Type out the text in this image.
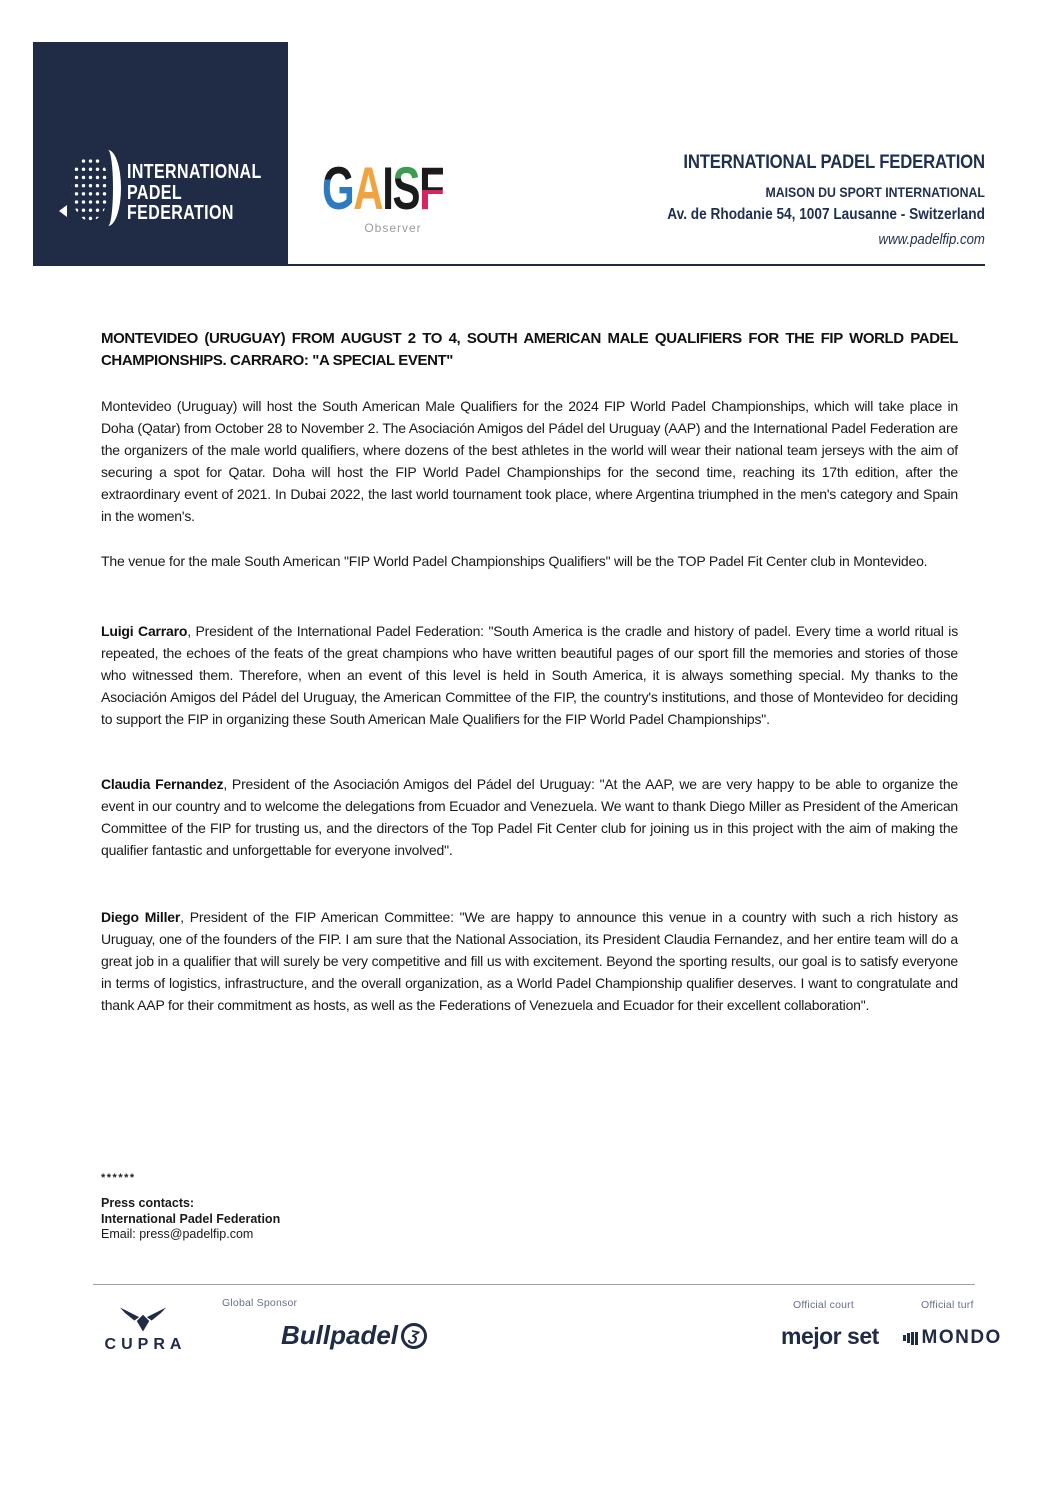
INTERNATIONAL
PADEL
FEDERATION	G A I S F
Observer
INTERNATIONAL PADEL FEDERATION
MAISON DU SPORT INTERNATIONAL
Av. de Rhodanie 54, 1007 Lausanne - Switzerland
www.padelfip.com
MONTEVIDEO (URUGUAY) FROM AUGUST 2 TO 4, SOUTH AMERICAN MALE QUALIFIERS FOR THE FIP WORLD PADEL CHAMPIONSHIPS. CARRARO: "A SPECIAL EVENT"

Montevideo (Uruguay) will host the South American Male Qualifiers for the 2024 FIP World Padel Championships, which will take place in Doha (Qatar) from October 28 to November 2. The Asociación Amigos del Pádel del Uruguay (AAP) and the International Padel Federation are the organizers of the male world qualifiers, where dozens of the best athletes in the world will wear their national team jerseys with the aim of securing a spot for Qatar. Doha will host the FIP World Padel Championships for the second time, reaching its 17th edition, after the extraordinary event of 2021. In Dubai 2022, the last world tournament took place, where Argentina triumphed in the men's category and Spain in the women's.

The venue for the male South American "FIP World Padel Championships Qualifiers" will be the TOP Padel Fit Center club in Montevideo.

Luigi Carraro, President of the International Padel Federation: "South America is the cradle and history of padel. Every time a world ritual is repeated, the echoes of the feats of the great champions who have written beautiful pages of our sport fill the memories and stories of those who witnessed them. Therefore, when an event of this level is held in South America, it is always something special. My thanks to the Asociación Amigos del Pádel del Uruguay, the American Committee of the FIP, the country's institutions, and those of Montevideo for deciding to support the FIP in organizing these South American Male Qualifiers for the FIP World Padel Championships".

Claudia Fernandez, President of the Asociación Amigos del Pádel del Uruguay: "At the AAP, we are very happy to be able to organize the event in our country and to welcome the delegations from Ecuador and Venezuela. We want to thank Diego Miller as President of the American Committee of the FIP for trusting us, and the directors of the Top Padel Fit Center club for joining us in this project with the aim of making the qualifier fantastic and unforgettable for everyone involved".

Diego Miller, President of the FIP American Committee: "We are happy to announce this venue in a country with such a rich history as Uruguay, one of the founders of the FIP. I am sure that the National Association, its President Claudia Fernandez, and her entire team will do a great job in a qualifier that will surely be very competitive and fill us with excitement. Beyond the sporting results, our goal is to satisfy everyone in terms of logistics, infrastructure, and the overall organization, as a World Padel Championship qualifier deserves. I want to congratulate and thank AAP for their commitment as hosts, as well as the Federations of Venezuela and Ecuador for their excellent collaboration".

******
Press contacts:
International Padel Federation
Email: press@padelfip.com
Global Sponsor	Official court	Official turf
CUPRA	Bullpadel Ʒ	mejor set MONDO
